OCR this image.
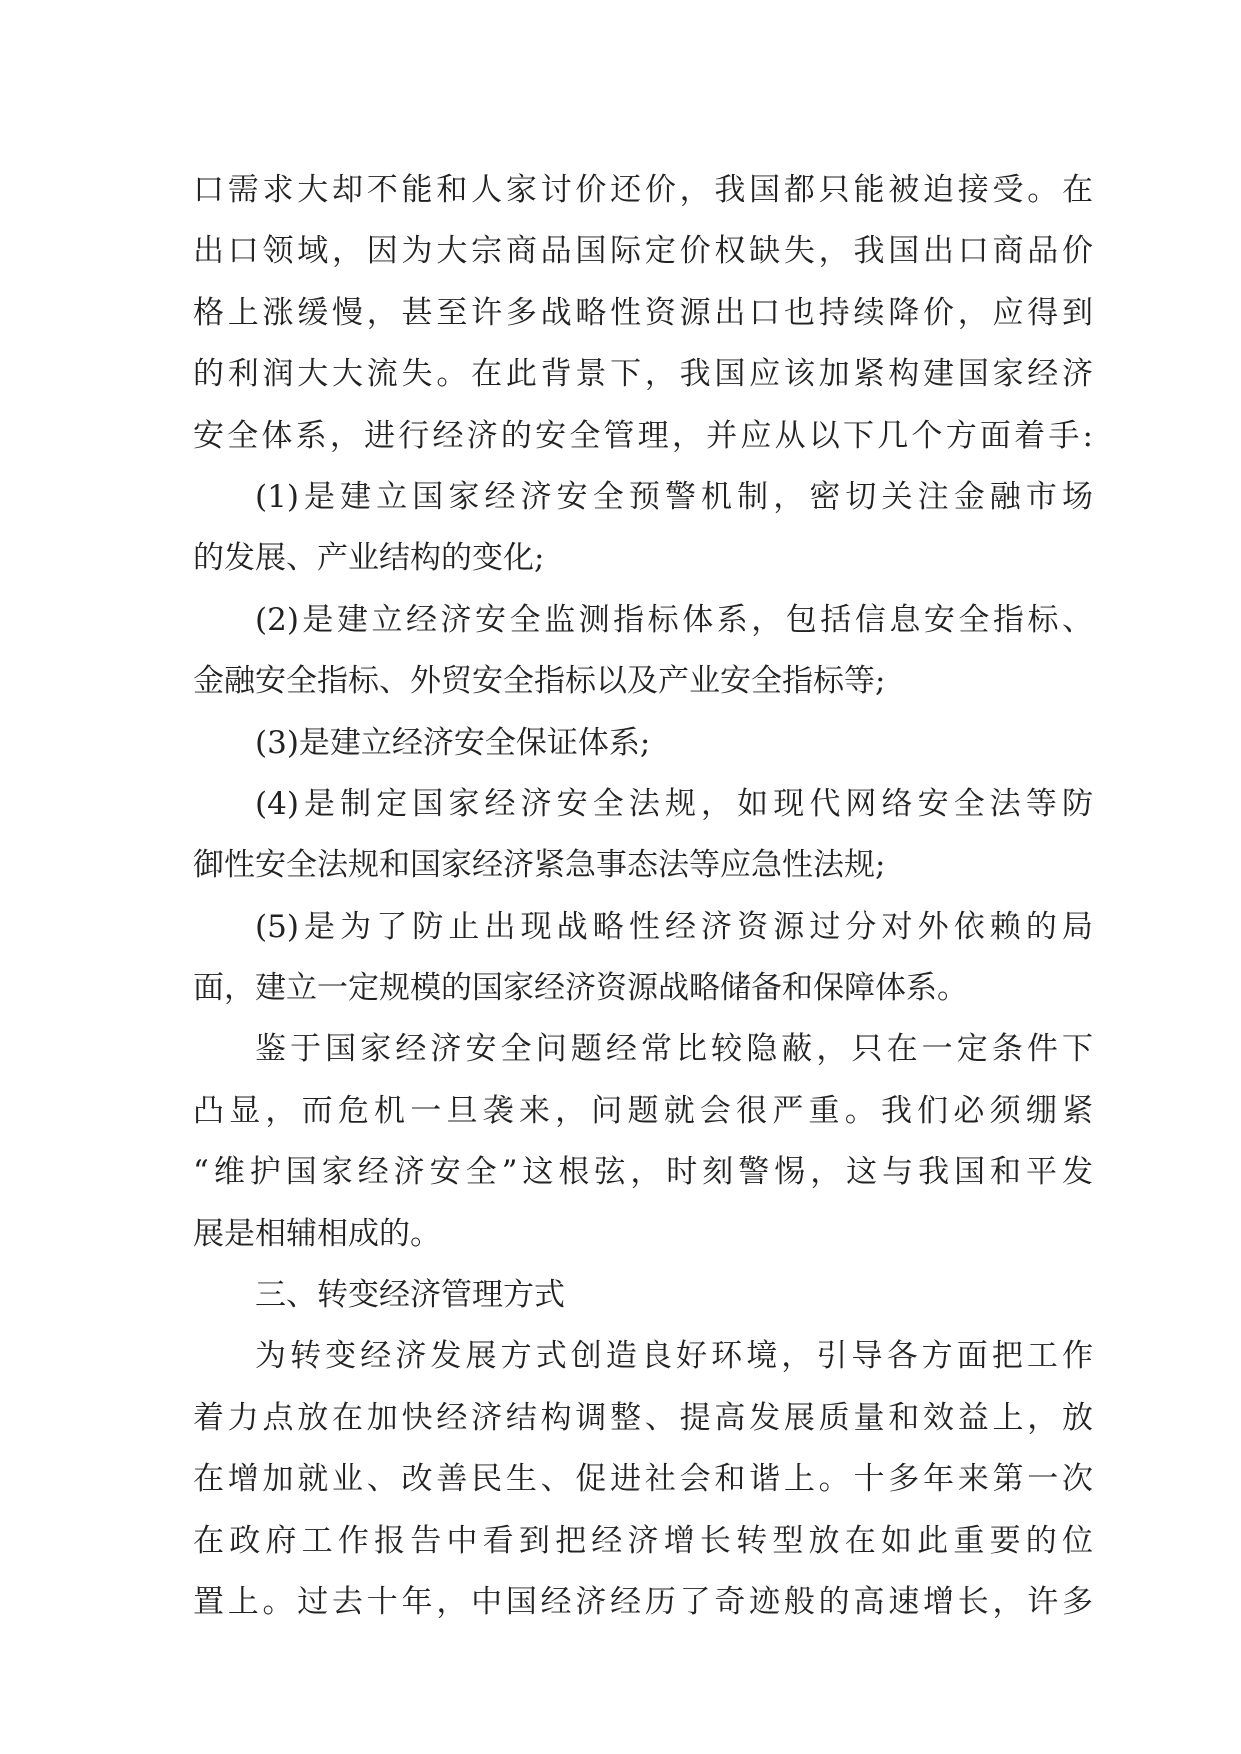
口需求大却不能和人家讨价还价，我国都只能被迫接受。在
出口领域，因为大宗商品国际定价权缺失，我国出口商品价
格上涨缓慢，甚至许多战略性资源出口也持续降价，应得到
的利润大大流失。在此背景下，我国应该加紧构建国家经济
安全体系，进行经济的安全管理，并应从以下几个方面着手:
(1)是建立国家经济安全预警机制，密切关注金融市场
的发展、产业结构的变化;
(2)是建立经济安全监测指标体系，包括信息安全指标、
金融安全指标、外贸安全指标以及产业安全指标等;
(3)是建立经济安全保证体系;
(4)是制定国家经济安全法规，如现代网络安全法等防
御性安全法规和国家经济紧急事态法等应急性法规;
(5)是为了防止出现战略性经济资源过分对外依赖的局
面，建立一定规模的国家经济资源战略储备和保障体系。
鉴于国家经济安全问题经常比较隐蔽，只在一定条件下
凸显，而危机一旦袭来，问题就会很严重。我们必须绷紧
“维护国家经济安全”这根弦，时刻警惕，这与我国和平发
展是相辅相成的。
三、转变经济管理方式
为转变经济发展方式创造良好环境，引导各方面把工作
着力点放在加快经济结构调整、提高发展质量和效益上，放
在增加就业、改善民生、促进社会和谐上。十多年来第一次
在政府工作报告中看到把经济增长转型放在如此重要的位
置上。过去十年，中国经济经历了奇迹般的高速增长，许多
